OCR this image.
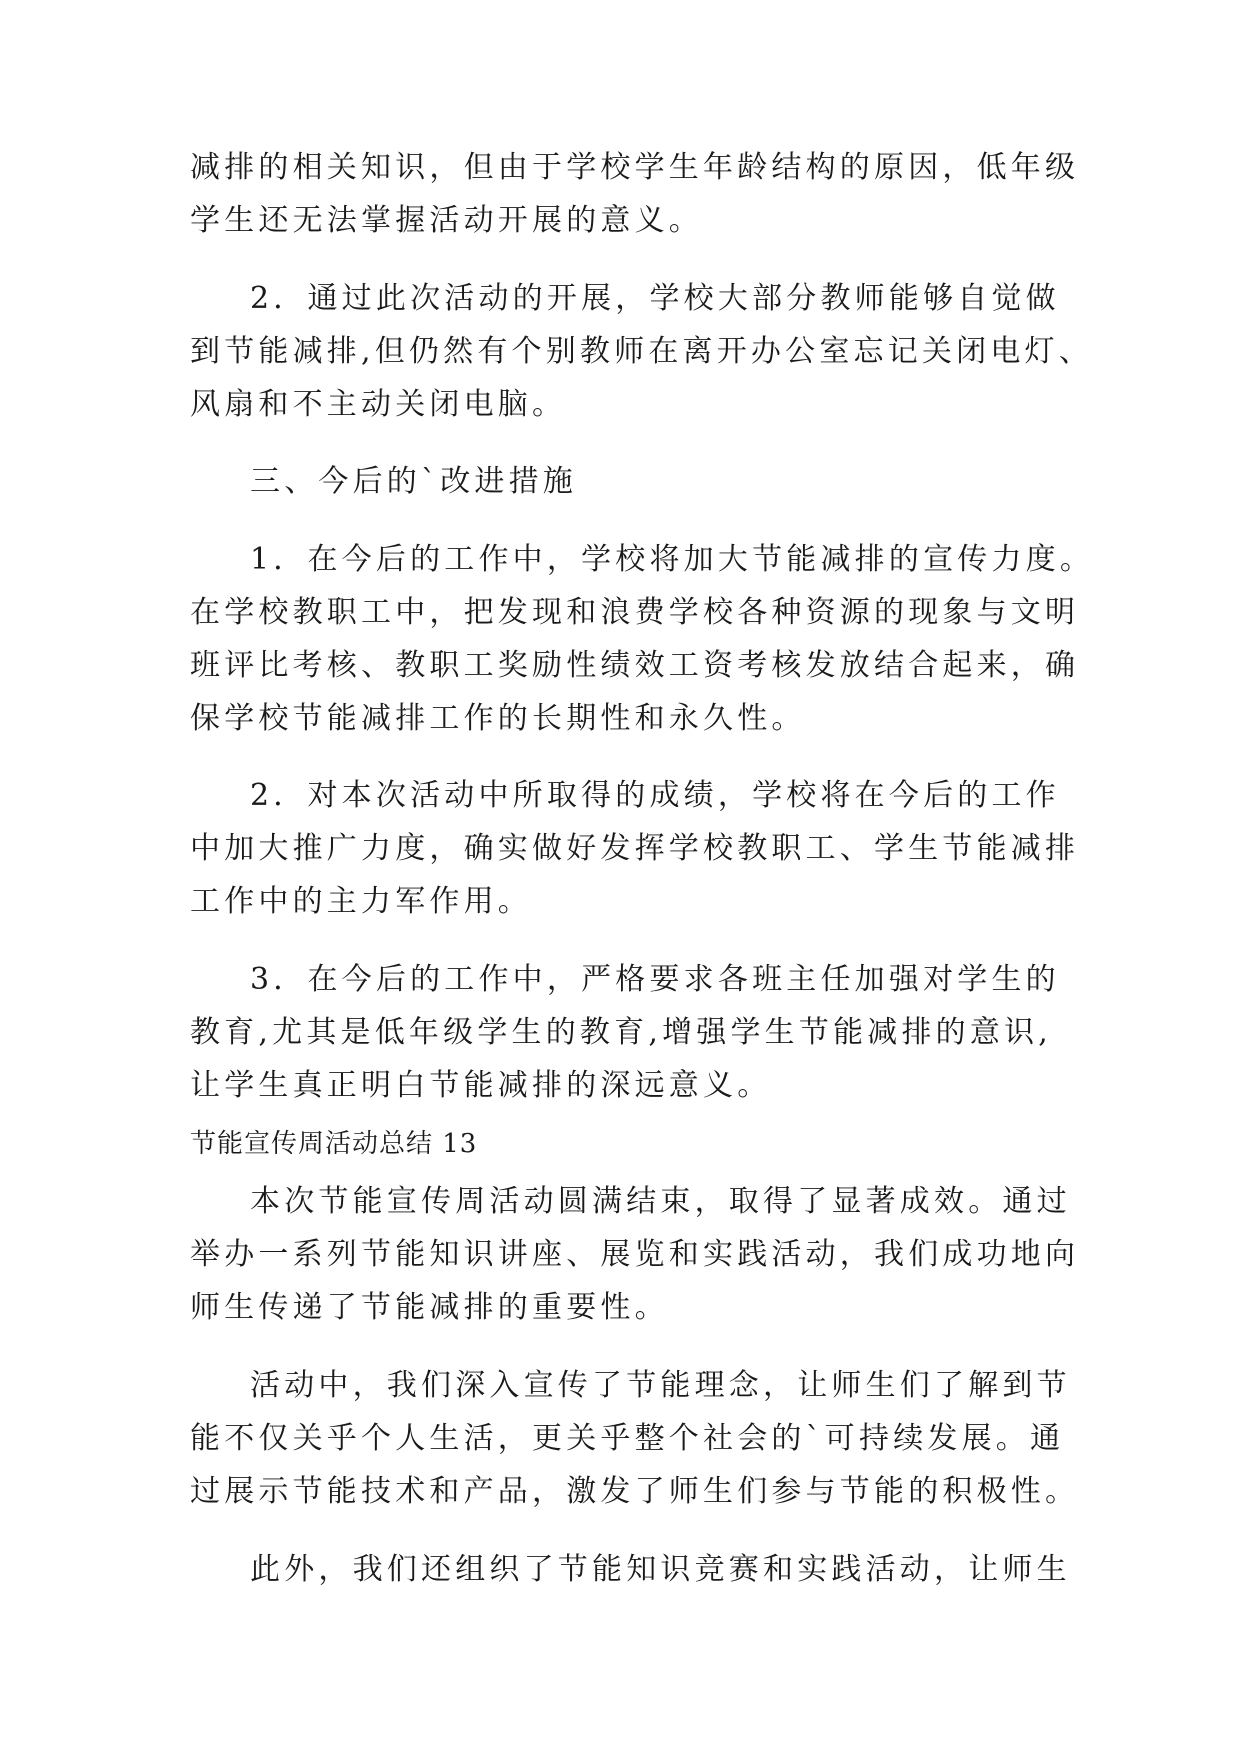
减排的相关知识，但由于学校学生年龄结构的原因，低年级
学生还无法掌握活动开展的意义。
2．通过此次活动的开展，学校大部分教师能够自觉做
到节能减排,但仍然有个别教师在离开办公室忘记关闭电灯、
风扇和不主动关闭电脑。
三、今后的`改进措施
1．在今后的工作中，学校将加大节能减排的宣传力度。
在学校教职工中，把发现和浪费学校各种资源的现象与文明
班评比考核、教职工奖励性绩效工资考核发放结合起来，确
保学校节能减排工作的长期性和永久性。
2．对本次活动中所取得的成绩，学校将在今后的工作
中加大推广力度，确实做好发挥学校教职工、学生节能减排
工作中的主力军作用。
3．在今后的工作中，严格要求各班主任加强对学生的
教育,尤其是低年级学生的教育,增强学生节能减排的意识,
让学生真正明白节能减排的深远意义。
节能宣传周活动总结 13
本次节能宣传周活动圆满结束，取得了显著成效。通过
举办一系列节能知识讲座、展览和实践活动，我们成功地向
师生传递了节能减排的重要性。
活动中，我们深入宣传了节能理念，让师生们了解到节
能不仅关乎个人生活，更关乎整个社会的`可持续发展。通
过展示节能技术和产品，激发了师生们参与节能的积极性。
此外，我们还组织了节能知识竞赛和实践活动，让师生
